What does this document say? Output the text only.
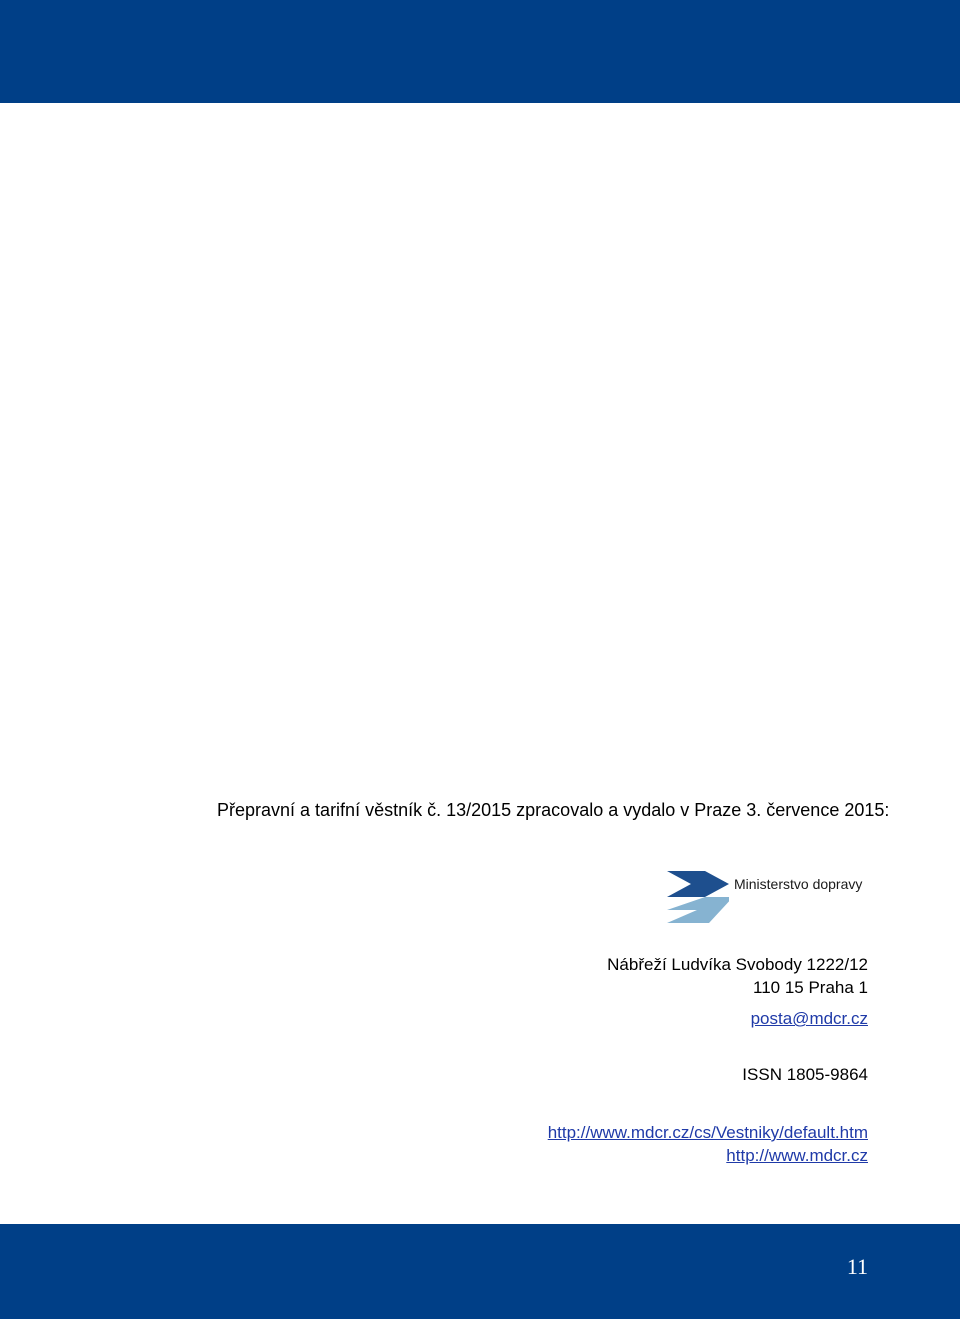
Přepravní a tarifní věstník č. 13/2015 zpracovalo a vydalo v Praze 3. července 2015:
Ministerstvo dopravy
Nábřeží Ludvíka Svobody 1222/12
110 15 Praha 1
posta@mdcr.cz
ISSN 1805-9864
http://www.mdcr.cz/cs/Vestniky/default.htm
http://www.mdcr.cz
11
